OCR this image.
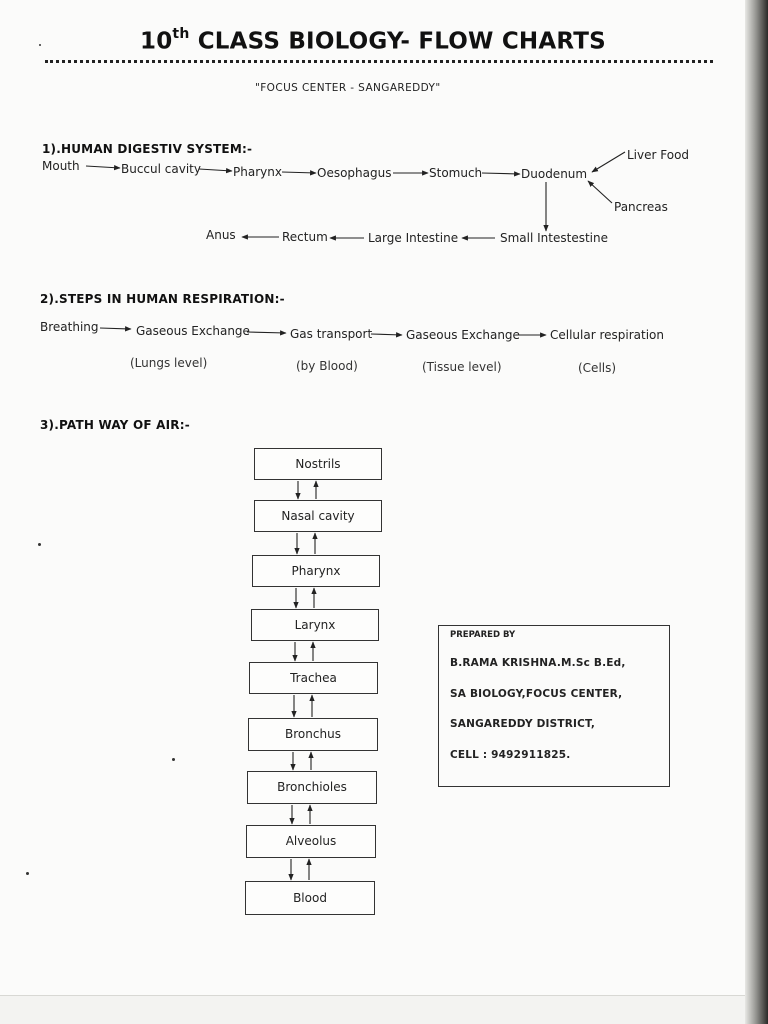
10th CLASS BIOLOGY- FLOW CHARTS
"FOCUS CENTER - SANGAREDDY"
1).HUMAN DIGESTIV SYSTEM:-
Mouth	Buccul cavity	Pharynx	Oesophagus	Stomuch	Duodenum
Liver Food
Pancreas
Anus	Rectum	Large Intestine	Small Intestestine
2).STEPS IN HUMAN RESPIRATION:-
Breathing	Gaseous Exchange	Gas transport	Gaseous Exchange	Cellular respiration
(Lungs level)	(by Blood)	(Tissue level)	(Cells)
3).PATH WAY OF AIR:-
Nostrils
Nasal cavity
Pharynx
Larynx
Trachea
Bronchus
Bronchioles
Alveolus
Blood
PREPARED BY
B.RAMA KRISHNA.M.Sc B.Ed,
SA BIOLOGY,FOCUS CENTER,
SANGAREDDY DISTRICT,
CELL : 9492911825.
